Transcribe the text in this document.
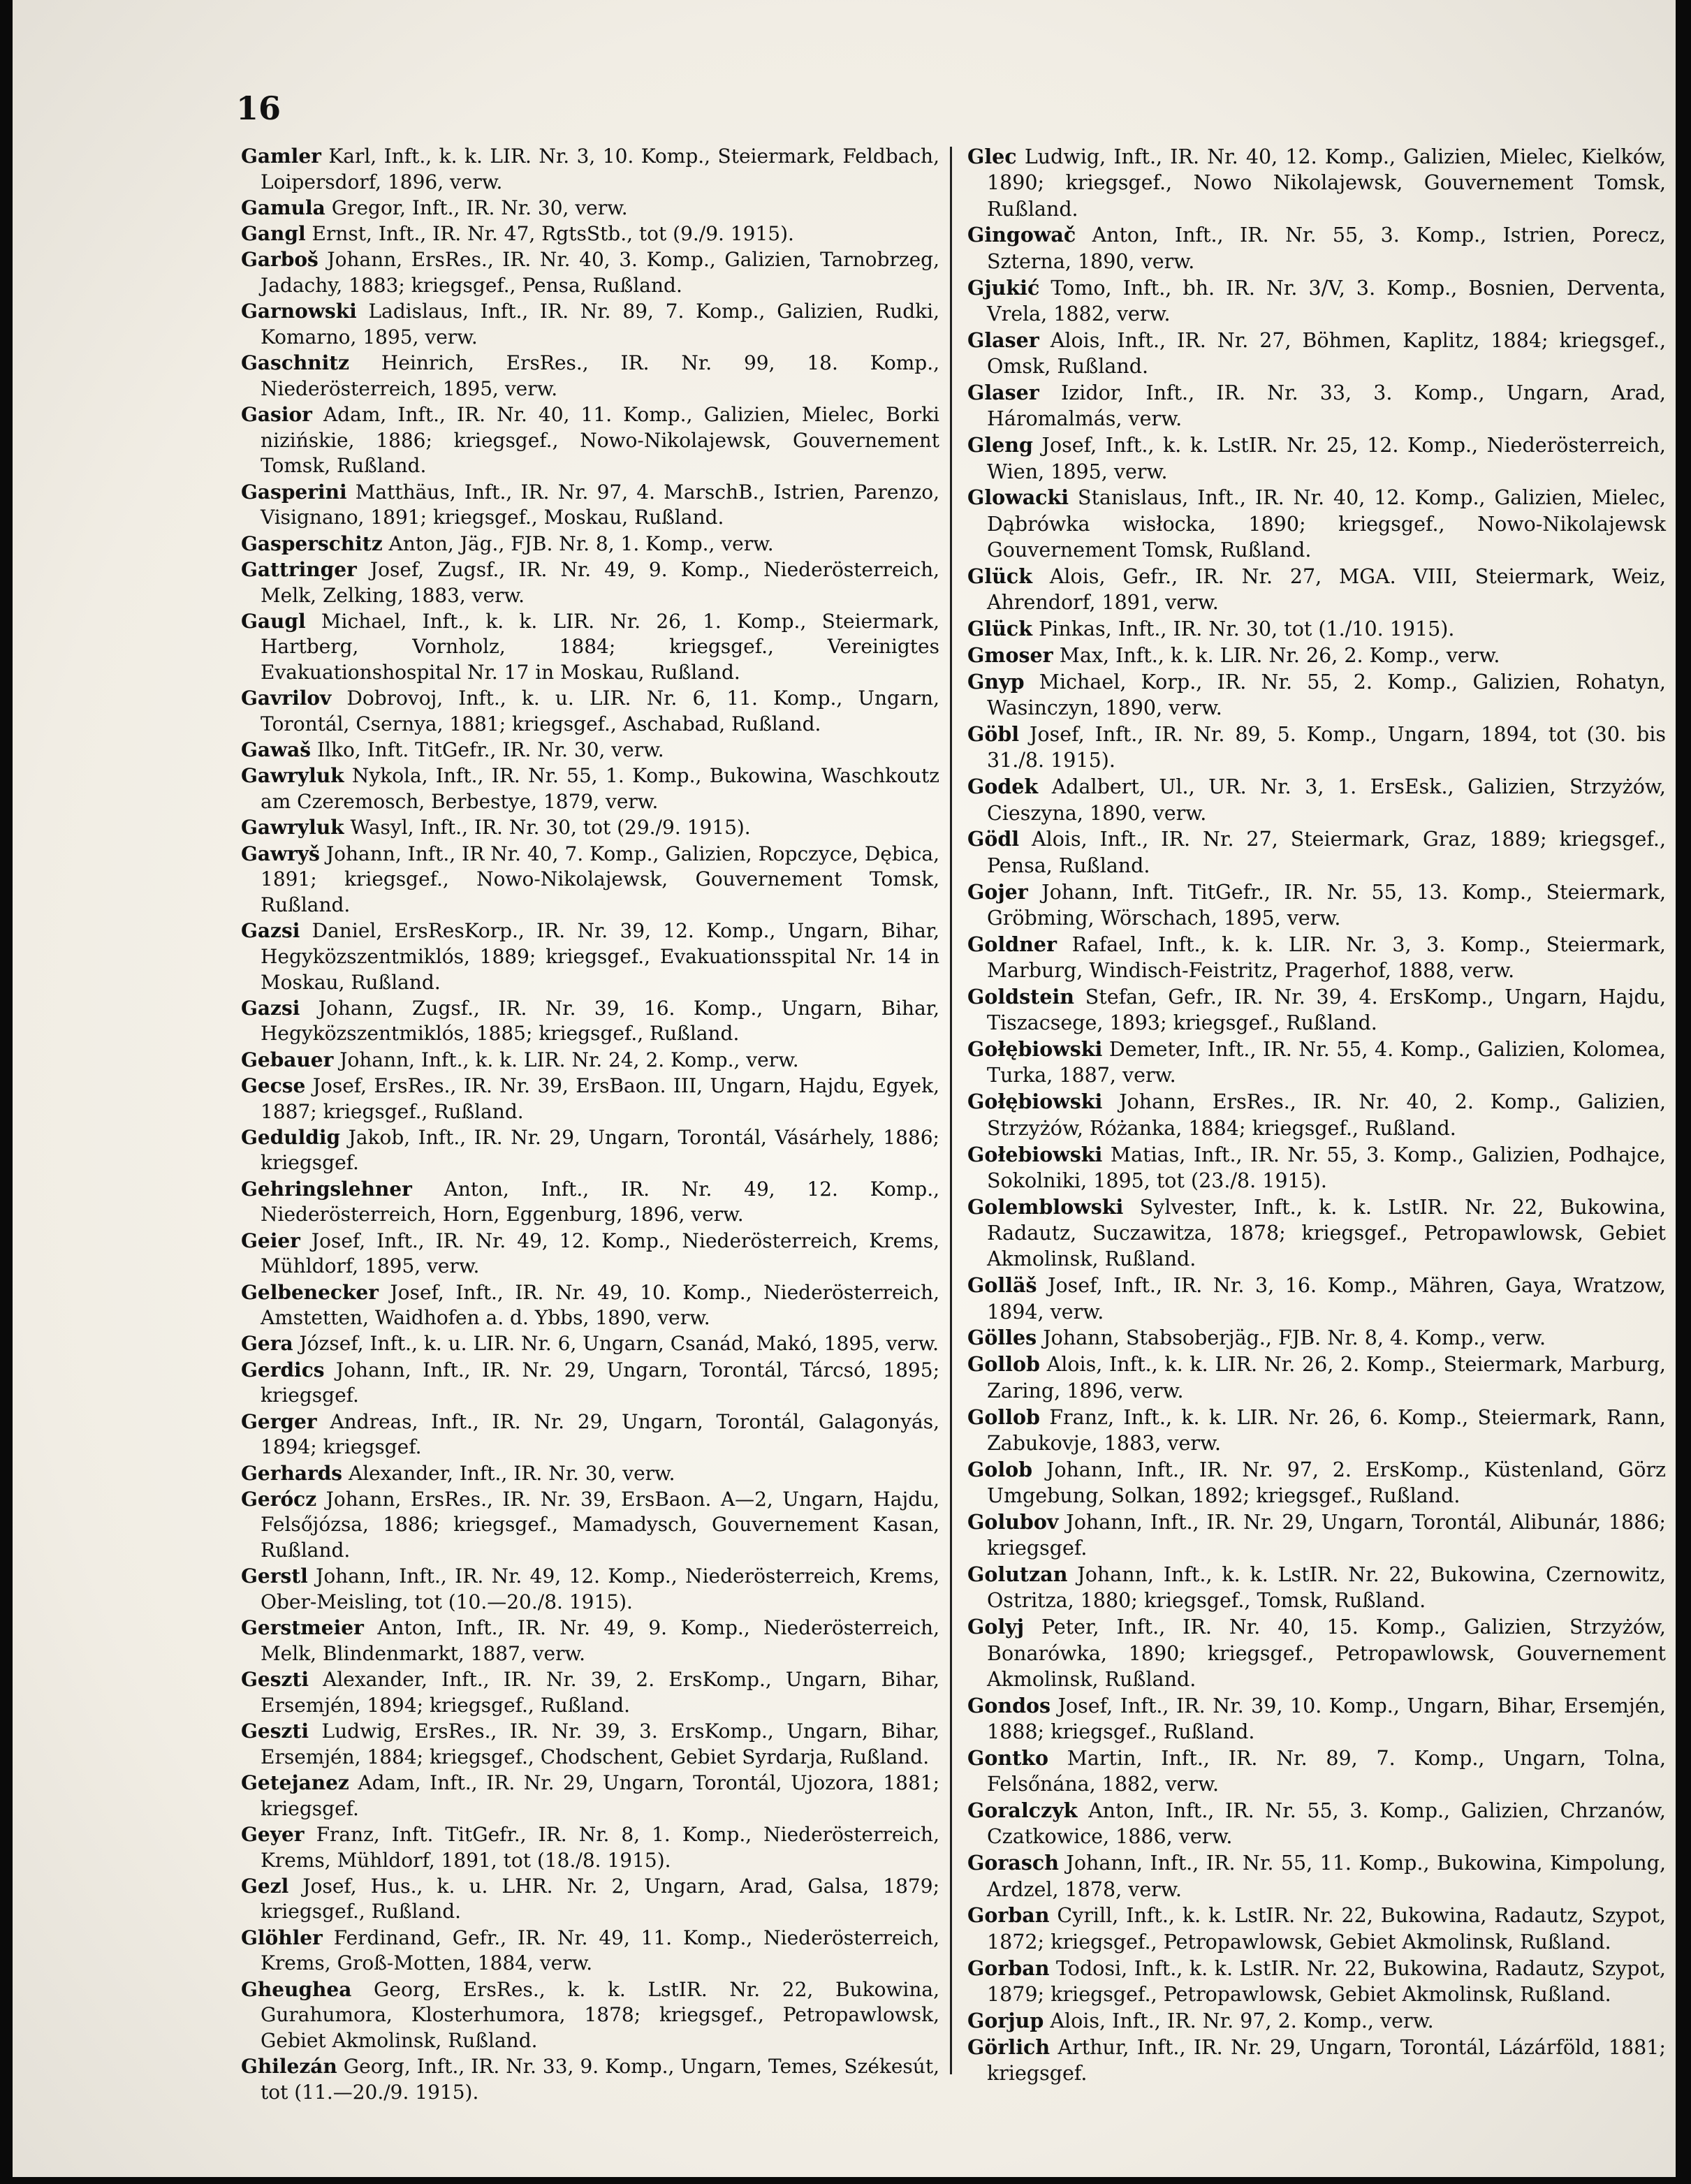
16

Gamler Karl, Inft., k. k. LIR. Nr. 3, 10. Komp., Steiermark, Feldbach, Loipersdorf, 1896, verw.

Gamula Gregor, Inft., IR. Nr. 30, verw.

Gangl Ernst, Inft., IR. Nr. 47, RgtsStb., tot (9./9. 1915).

Garboš Johann, ErsRes., IR. Nr. 40, 3. Komp., Galizien, Tarnobrzeg, Jadachy, 1883; kriegsgef., Pensa, Rußland.

Garnowski Ladislaus, Inft., IR. Nr. 89, 7. Komp., Galizien, Rudki, Komarno, 1895, verw.

Gaschnitz Heinrich, ErsRes., IR. Nr. 99, 18. Komp., Niederösterreich, 1895, verw.

Gasior Adam, Inft., IR. Nr. 40, 11. Komp., Galizien, Mielec, Borki nizińskie, 1886; kriegsgef., Nowo-Nikolajewsk, Gouvernement Tomsk, Rußland.

Gasperini Matthäus, Inft., IR. Nr. 97, 4. MarschB., Istrien, Parenzo, Visignano, 1891; kriegsgef., Moskau, Rußland.

Gasperschitz Anton, Jäg., FJB. Nr. 8, 1. Komp., verw.

Gattringer Josef, Zugsf., IR. Nr. 49, 9. Komp., Niederösterreich, Melk, Zelking, 1883, verw.

Gaugl Michael, Inft., k. k. LIR. Nr. 26, 1. Komp., Steiermark, Hartberg, Vornholz, 1884; kriegsgef., Vereinigtes Evakuationshospital Nr. 17 in Moskau, Rußland.

Gavrilov Dobrovoj, Inft., k. u. LIR. Nr. 6, 11. Komp., Ungarn, Torontál, Csernya, 1881; kriegsgef., Aschabad, Rußland.

Gawaš Ilko, Inft. TitGefr., IR. Nr. 30, verw.

Gawryluk Nykola, Inft., IR. Nr. 55, 1. Komp., Bukowina, Waschkoutz am Czeremosch, Berbestye, 1879, verw.

Gawryluk Wasyl, Inft., IR. Nr. 30, tot (29./9. 1915).

Gawryš Johann, Inft., IR Nr. 40, 7. Komp., Galizien, Ropczyce, Dębica, 1891; kriegsgef., Nowo-Nikolajewsk, Gouvernement Tomsk, Rußland.

Gazsi Daniel, ErsResKorp., IR. Nr. 39, 12. Komp., Ungarn, Bihar, Hegyközszentmiklós, 1889; kriegsgef., Evakuationsspital Nr. 14 in Moskau, Rußland.

Gazsi Johann, Zugsf., IR. Nr. 39, 16. Komp., Ungarn, Bihar, Hegyközszentmiklós, 1885; kriegsgef., Rußland.

Gebauer Johann, Inft., k. k. LIR. Nr. 24, 2. Komp., verw.

Gecse Josef, ErsRes., IR. Nr. 39, ErsBaon. III, Ungarn, Hajdu, Egyek, 1887; kriegsgef., Rußland.

Geduldig Jakob, Inft., IR. Nr. 29, Ungarn, Torontál, Vásárhely, 1886; kriegsgef.

Gehringslehner Anton, Inft., IR. Nr. 49, 12. Komp., Niederösterreich, Horn, Eggenburg, 1896, verw.

Geier Josef, Inft., IR. Nr. 49, 12. Komp., Niederösterreich, Krems, Mühldorf, 1895, verw.

Gelbenecker Josef, Inft., IR. Nr. 49, 10. Komp., Niederösterreich, Amstetten, Waidhofen a. d. Ybbs, 1890, verw.

Gera József, Inft., k. u. LIR. Nr. 6, Ungarn, Csanád, Makó, 1895, verw.

Gerdics Johann, Inft., IR. Nr. 29, Ungarn, Torontál, Tárcsó, 1895; kriegsgef.

Gerger Andreas, Inft., IR. Nr. 29, Ungarn, Torontál, Galagonyás, 1894; kriegsgef.

Gerhards Alexander, Inft., IR. Nr. 30, verw.

Gerócz Johann, ErsRes., IR. Nr. 39, ErsBaon. A—2, Ungarn, Hajdu, Felsőjózsa, 1886; kriegsgef., Mamadysch, Gouvernement Kasan, Rußland.

Gerstl Johann, Inft., IR. Nr. 49, 12. Komp., Niederösterreich, Krems, Ober-Meisling, tot (10.—20./8. 1915).

Gerstmeier Anton, Inft., IR. Nr. 49, 9. Komp., Niederösterreich, Melk, Blindenmarkt, 1887, verw.

Geszti Alexander, Inft., IR. Nr. 39, 2. ErsKomp., Ungarn, Bihar, Ersemjén, 1894; kriegsgef., Rußland.

Geszti Ludwig, ErsRes., IR. Nr. 39, 3. ErsKomp., Ungarn, Bihar, Ersemjén, 1884; kriegsgef., Chodschent, Gebiet Syrdarja, Rußland.

Getejanez Adam, Inft., IR. Nr. 29, Ungarn, Torontál, Ujozora, 1881; kriegsgef.

Geyer Franz, Inft. TitGefr., IR. Nr. 8, 1. Komp., Niederösterreich, Krems, Mühldorf, 1891, tot (18./8. 1915).

Gezl Josef, Hus., k. u. LHR. Nr. 2, Ungarn, Arad, Galsa, 1879; kriegsgef., Rußland.

Glöhler Ferdinand, Gefr., IR. Nr. 49, 11. Komp., Niederösterreich, Krems, Groß-Motten, 1884, verw.

Gheughea Georg, ErsRes., k. k. LstIR. Nr. 22, Bukowina, Gurahumora, Klosterhumora, 1878; kriegsgef., Petropawlowsk, Gebiet Akmolinsk, Rußland.

Ghilezán Georg, Inft., IR. Nr. 33, 9. Komp., Ungarn, Temes, Székesút, tot (11.—20./9. 1915).

Glec Ludwig, Inft., IR. Nr. 40, 12. Komp., Galizien, Mielec, Kielków, 1890; kriegsgef., Nowo Nikolajewsk, Gouvernement Tomsk, Rußland.

Gingowač Anton, Inft., IR. Nr. 55, 3. Komp., Istrien, Porecz, Szterna, 1890, verw.

Gjukić Tomo, Inft., bh. IR. Nr. 3/V, 3. Komp., Bosnien, Derventa, Vrela, 1882, verw.

Glaser Alois, Inft., IR. Nr. 27, Böhmen, Kaplitz, 1884; kriegsgef., Omsk, Rußland.

Glaser Izidor, Inft., IR. Nr. 33, 3. Komp., Ungarn, Arad, Háromalmás, verw.

Gleng Josef, Inft., k. k. LstIR. Nr. 25, 12. Komp., Niederösterreich, Wien, 1895, verw.

Glowacki Stanislaus, Inft., IR. Nr. 40, 12. Komp., Galizien, Mielec, Dąbrówka wisłocka, 1890; kriegsgef., Nowo-Nikolajewsk Gouvernement Tomsk, Rußland.

Glück Alois, Gefr., IR. Nr. 27, MGA. VIII, Steiermark, Weiz, Ahrendorf, 1891, verw.

Glück Pinkas, Inft., IR. Nr. 30, tot (1./10. 1915).

Gmoser Max, Inft., k. k. LIR. Nr. 26, 2. Komp., verw.

Gnyp Michael, Korp., IR. Nr. 55, 2. Komp., Galizien, Rohatyn, Wasinczyn, 1890, verw.

Göbl Josef, Inft., IR. Nr. 89, 5. Komp., Ungarn, 1894, tot (30. bis 31./8. 1915).

Godek Adalbert, Ul., UR. Nr. 3, 1. ErsEsk., Galizien, Strzyżów, Cieszyna, 1890, verw.

Gödl Alois, Inft., IR. Nr. 27, Steiermark, Graz, 1889; kriegsgef., Pensa, Rußland.

Gojer Johann, Inft. TitGefr., IR. Nr. 55, 13. Komp., Steiermark, Gröbming, Wörschach, 1895, verw.

Goldner Rafael, Inft., k. k. LIR. Nr. 3, 3. Komp., Steiermark, Marburg, Windisch-Feistritz, Pragerhof, 1888, verw.

Goldstein Stefan, Gefr., IR. Nr. 39, 4. ErsKomp., Ungarn, Hajdu, Tiszacsege, 1893; kriegsgef., Rußland.

Gołębiowski Demeter, Inft., IR. Nr. 55, 4. Komp., Galizien, Kolomea, Turka, 1887, verw.

Gołębiowski Johann, ErsRes., IR. Nr. 40, 2. Komp., Galizien, Strzyżów, Różanka, 1884; kriegsgef., Rußland.

Gołebiowski Matias, Inft., IR. Nr. 55, 3. Komp., Galizien, Podhajce, Sokolniki, 1895, tot (23./8. 1915).

Golemblowski Sylvester, Inft., k. k. LstIR. Nr. 22, Bukowina, Radautz, Suczawitza, 1878; kriegsgef., Petropawlowsk, Gebiet Akmolinsk, Rußland.

Golläš Josef, Inft., IR. Nr. 3, 16. Komp., Mähren, Gaya, Wratzow, 1894, verw.

Gölles Johann, Stabsoberjäg., FJB. Nr. 8, 4. Komp., verw.

Gollob Alois, Inft., k. k. LIR. Nr. 26, 2. Komp., Steiermark, Marburg, Zaring, 1896, verw.

Gollob Franz, Inft., k. k. LIR. Nr. 26, 6. Komp., Steiermark, Rann, Zabukovje, 1883, verw.

Golob Johann, Inft., IR. Nr. 97, 2. ErsKomp., Küstenland, Görz Umgebung, Solkan, 1892; kriegsgef., Rußland.

Golubov Johann, Inft., IR. Nr. 29, Ungarn, Torontál, Alibunár, 1886; kriegsgef.

Golutzan Johann, Inft., k. k. LstIR. Nr. 22, Bukowina, Czernowitz, Ostritza, 1880; kriegsgef., Tomsk, Rußland.

Golyj Peter, Inft., IR. Nr. 40, 15. Komp., Galizien, Strzyżów, Bonarówka, 1890; kriegsgef., Petropawlowsk, Gouvernement Akmolinsk, Rußland.

Gondos Josef, Inft., IR. Nr. 39, 10. Komp., Ungarn, Bihar, Ersemjén, 1888; kriegsgef., Rußland.

Gontko Martin, Inft., IR. Nr. 89, 7. Komp., Ungarn, Tolna, Felsőnána, 1882, verw.

Goralczyk Anton, Inft., IR. Nr. 55, 3. Komp., Galizien, Chrzanów, Czatkowice, 1886, verw.

Gorasch Johann, Inft., IR. Nr. 55, 11. Komp., Bukowina, Kimpolung, Ardzel, 1878, verw.

Gorban Cyrill, Inft., k. k. LstIR. Nr. 22, Bukowina, Radautz, Szypot, 1872; kriegsgef., Petropawlowsk, Gebiet Akmolinsk, Rußland.

Gorban Todosi, Inft., k. k. LstIR. Nr. 22, Bukowina, Radautz, Szypot, 1879; kriegsgef., Petropawlowsk, Gebiet Akmolinsk, Rußland.

Gorjup Alois, Inft., IR. Nr. 97, 2. Komp., verw.

Görlich Arthur, Inft., IR. Nr. 29, Ungarn, Torontál, Lázárföld, 1881; kriegsgef.
